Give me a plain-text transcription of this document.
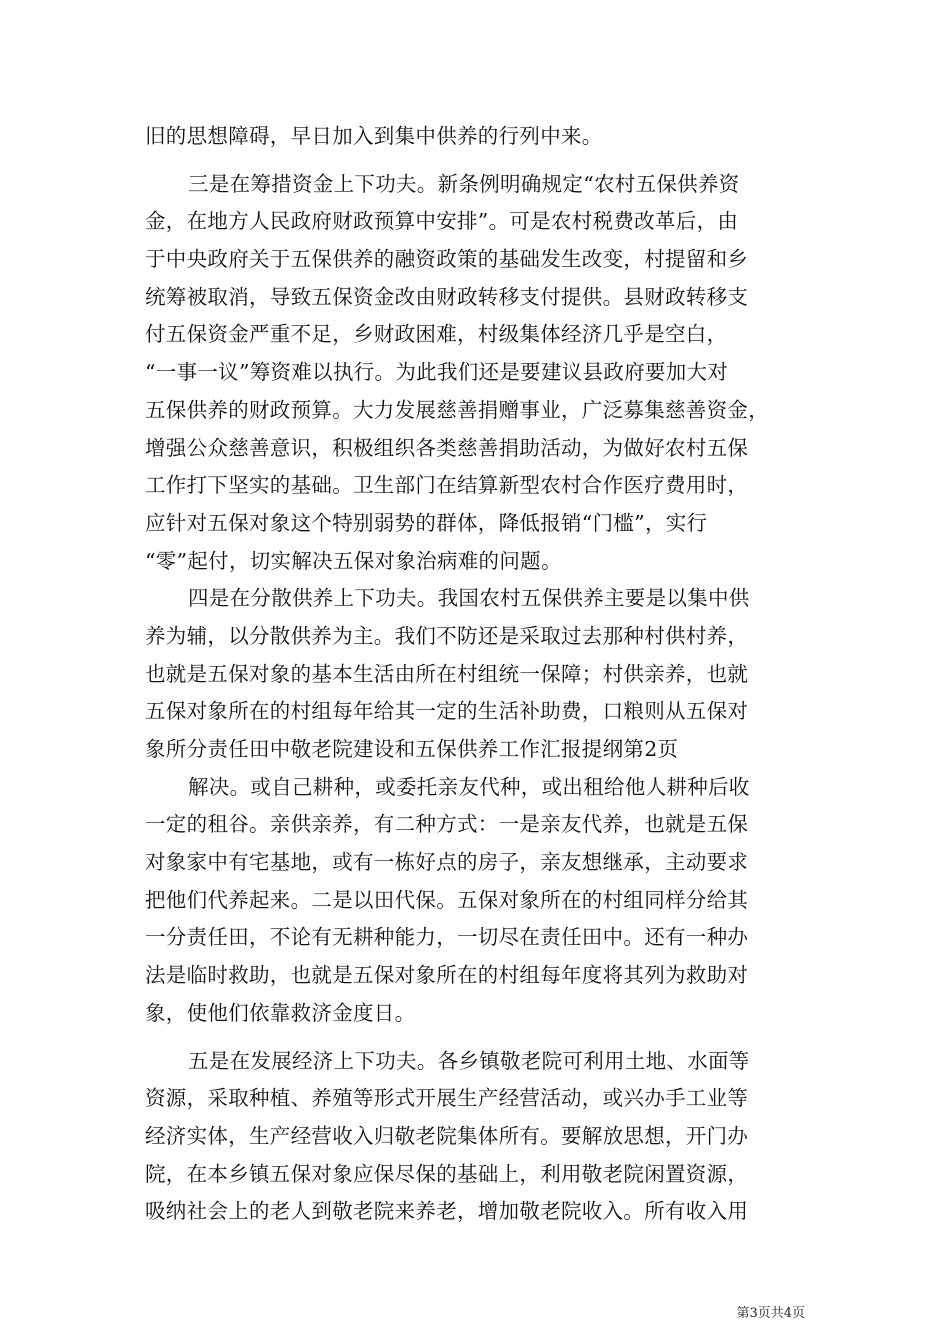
旧的思想障碍，早日加入到集中供养的行列中来。
三是在筹措资金上下功夫。新条例明确规定“农村五保供养资
金，在地方人民政府财政预算中安排”。可是农村税费改革后，由
于中央政府关于五保供养的融资政策的基础发生改变，村提留和乡
统筹被取消，导致五保资金改由财政转移支付提供。县财政转移支
付五保资金严重不足，乡财政困难，村级集体经济几乎是空白，
“一事一议”筹资难以执行。为此我们还是要建议县政府要加大对
五保供养的财政预算。大力发展慈善捐赠事业，广泛募集慈善资金，
增强公众慈善意识，积极组织各类慈善捐助活动，为做好农村五保
工作打下坚实的基础。卫生部门在结算新型农村合作医疗费用时，
应针对五保对象这个特别弱势的群体，降低报销“门槛”，实行
“零”起付，切实解决五保对象治病难的问题。
四是在分散供养上下功夫。我国农村五保供养主要是以集中供
养为辅，以分散供养为主。我们不防还是采取过去那种村供村养，
也就是五保对象的基本生活由所在村组统一保障；村供亲养，也就
五保对象所在的村组每年给其一定的生活补助费，口粮则从五保对
象所分责任田中敬老院建设和五保供养工作汇报提纲第2页
解决。或自己耕种，或委托亲友代种，或出租给他人耕种后收
一定的租谷。亲供亲养，有二种方式：一是亲友代养，也就是五保
对象家中有宅基地，或有一栋好点的房子，亲友想继承，主动要求
把他们代养起来。二是以田代保。五保对象所在的村组同样分给其
一分责任田，不论有无耕种能力，一切尽在责任田中。还有一种办
法是临时救助，也就是五保对象所在的村组每年度将其列为救助对
象，使他们依靠救济金度日。
五是在发展经济上下功夫。各乡镇敬老院可利用土地、水面等
资源，采取种植、养殖等形式开展生产经营活动，或兴办手工业等
经济实体，生产经营收入归敬老院集体所有。要解放思想，开门办
院，在本乡镇五保对象应保尽保的基础上，利用敬老院闲置资源，
吸纳社会上的老人到敬老院来养老，增加敬老院收入。所有收入用
第3页共4页
